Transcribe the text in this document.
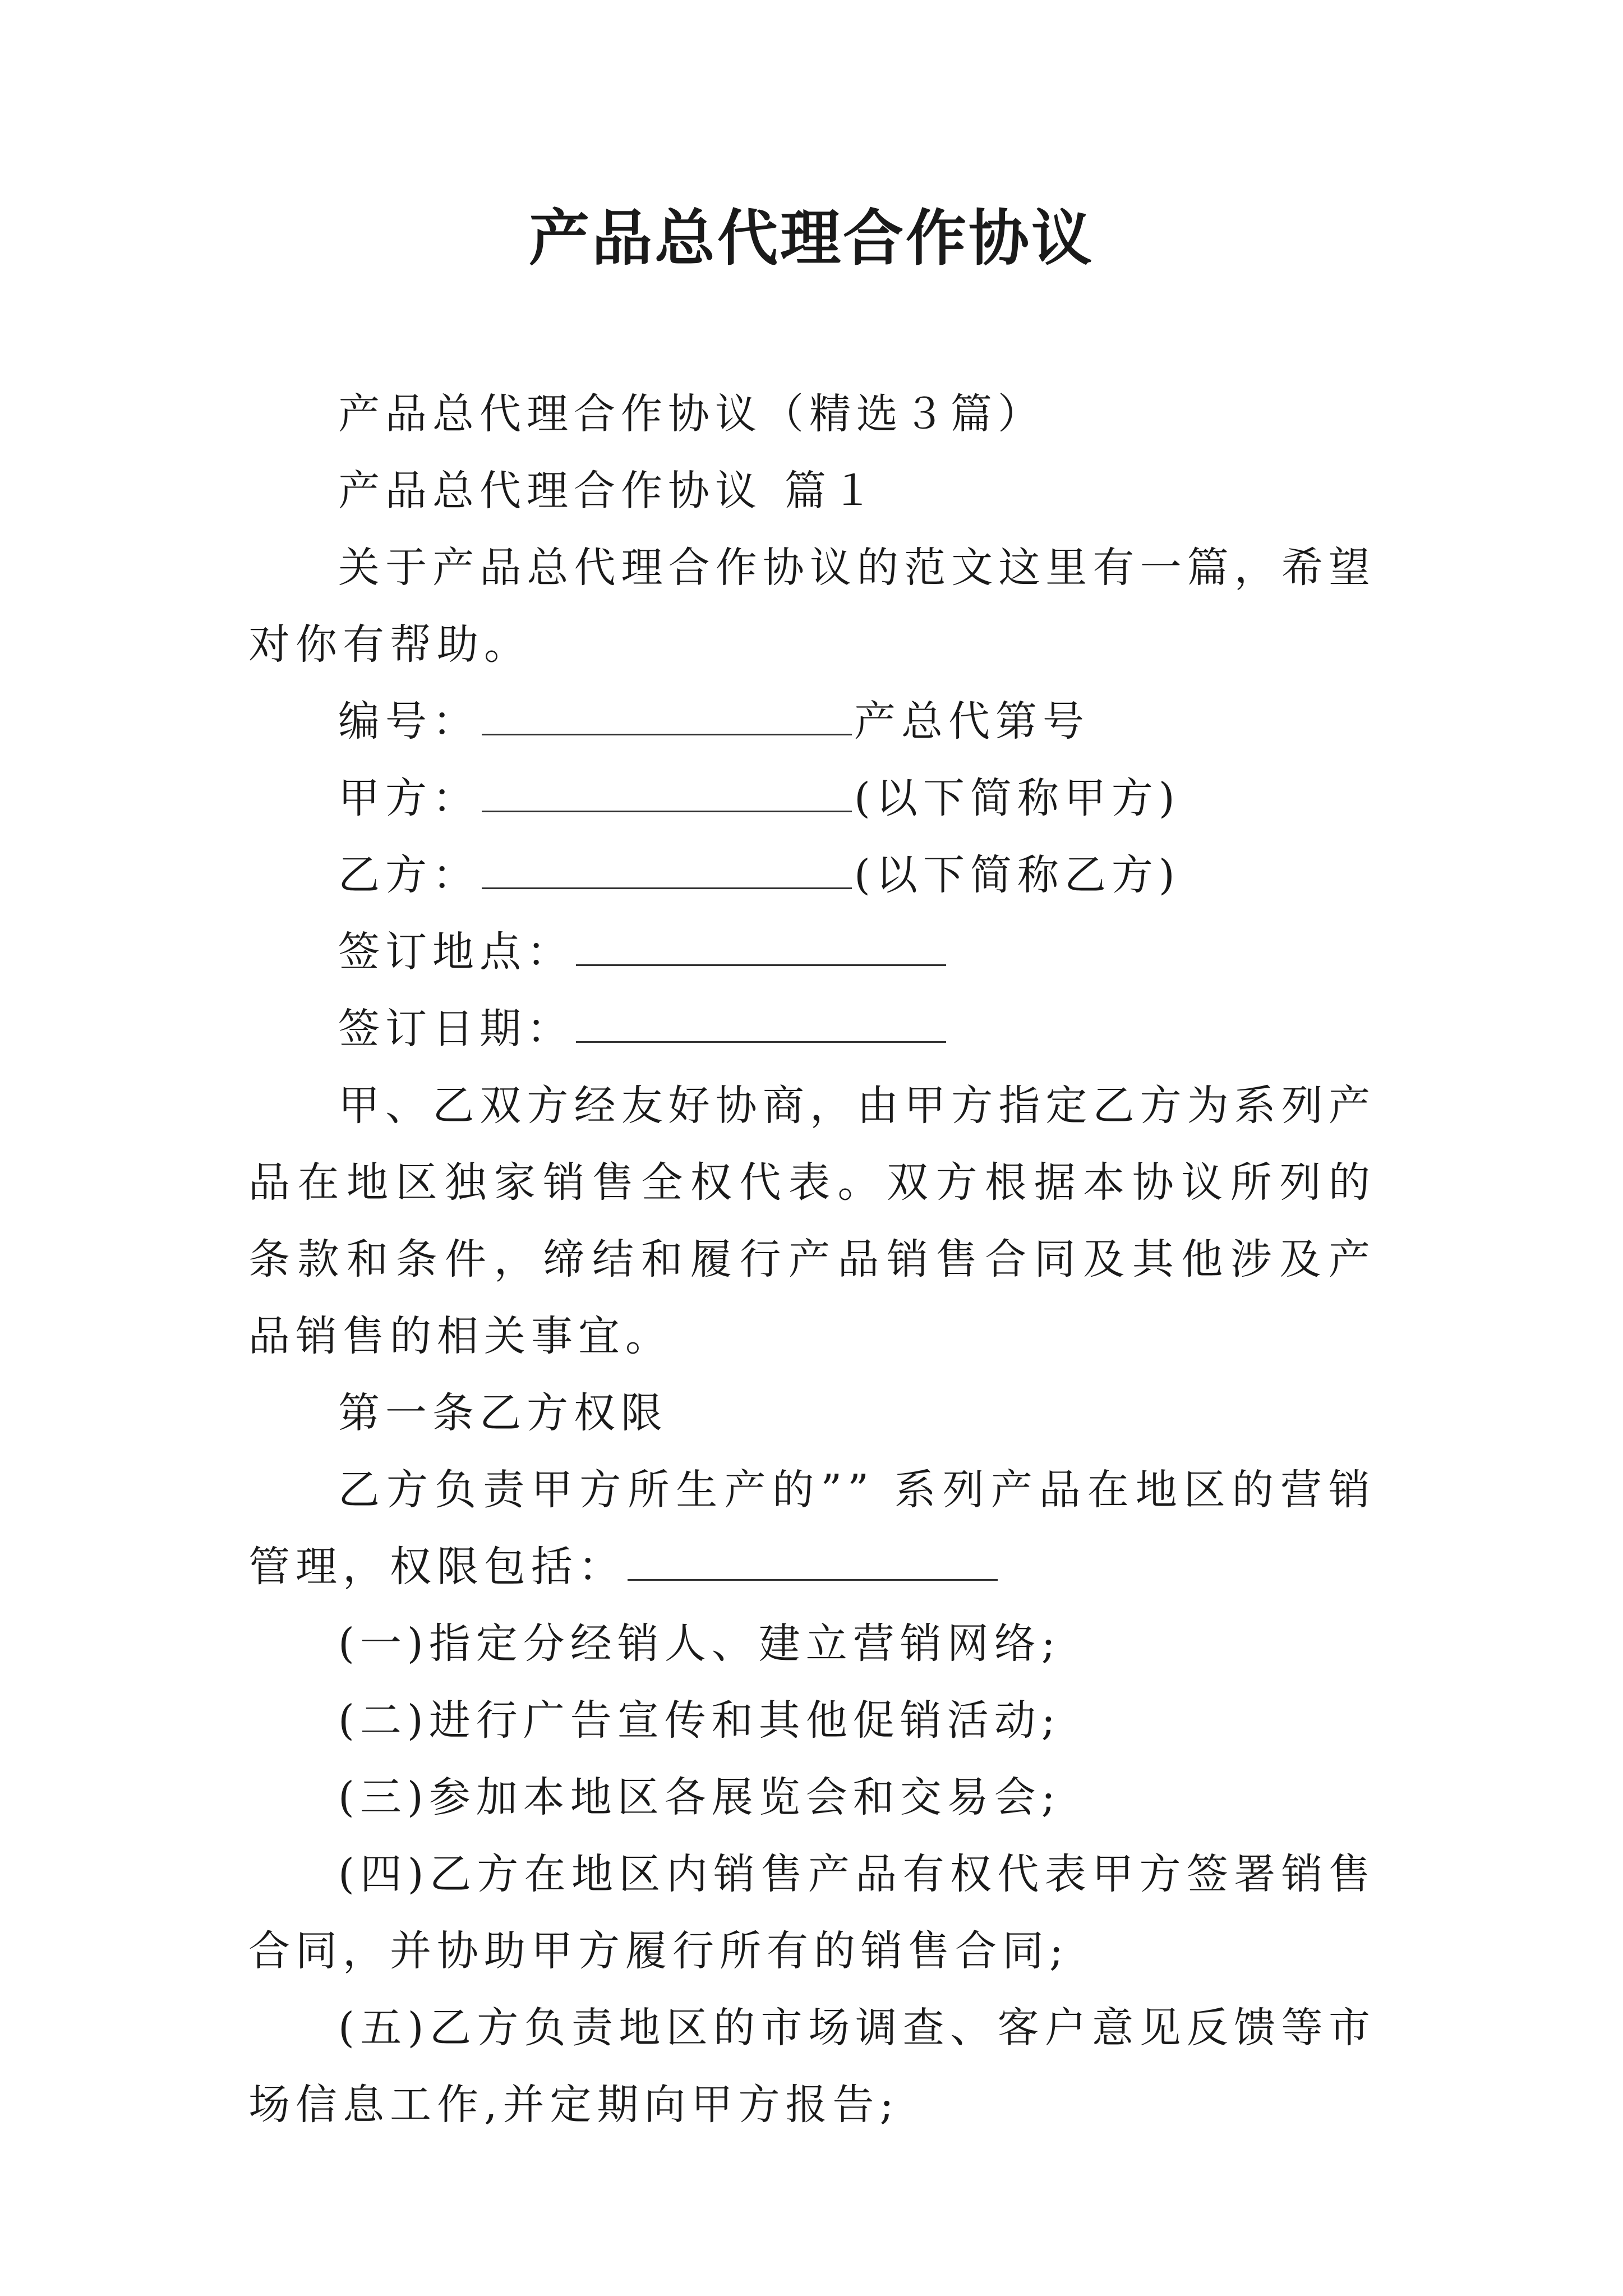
产品总代理合作协议

产品总代理合作协议（精选３篇）

产品总代理合作协议 篇１

关于产品总代理合作协议的范文这里有一篇，希望对你有帮助。

编号：	产总代第号

甲方：	(以下简称甲方)

乙方：	(以下简称乙方)

签订地点：

签订日期：

甲、乙双方经友好协商，由甲方指定乙方为系列产品在地区独家销售全权代表。双方根据本协议所列的条款和条件，缔结和履行产品销售合同及其他涉及产品销售的相关事宜。

第一条乙方权限

乙方负责甲方所生产的”” 系列产品在地区的营销管理，权限包括：

(一)指定分经销人、建立营销网络;

(二)进行广告宣传和其他促销活动;

(三)参加本地区各展览会和交易会;

(四)乙方在地区内销售产品有权代表甲方签署销售合同，并协助甲方履行所有的销售合同;

(五)乙方负责地区的市场调查、客户意见反馈等市场信息工作,并定期向甲方报告;
